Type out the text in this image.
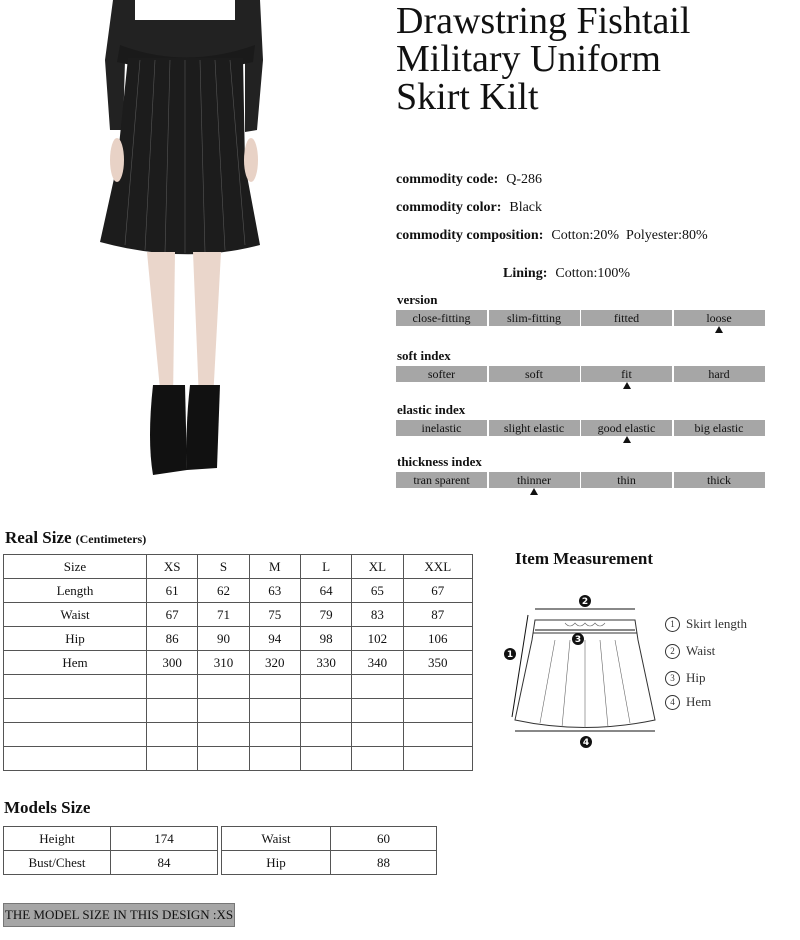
Drawstring Fishtail
Military Uniform
Skirt Kilt
commodity code: Q-286
commodity color: Black
commodity composition: Cotton:20%  Polyester:80%
Lining: Cotton:100%
version
close-fitting	slim-fitting	fitted	loose
soft index
softer	soft	fit	hard
elastic index
inelastic	slight elastic	good elastic	big elastic
thickness index
tran sparent	thinner	thin	thick
Real Size (Centimeters)
Size	XS	S	M	L	XL	XXL
Length	61	62	63	64	65	67
Waist	67	71	75	79	83	87
Hip	86	90	94	98	102	106
Hem	300	310	320	330	340	350

Item Measurement
2
3
1
4
1 Skirt length
2 Waist
3 Hip
4 Hem
Models Size
Height	174
Bust/Chest	84
Waist	60
Hip	88
THE MODEL SIZE IN THIS DESIGN :XS
